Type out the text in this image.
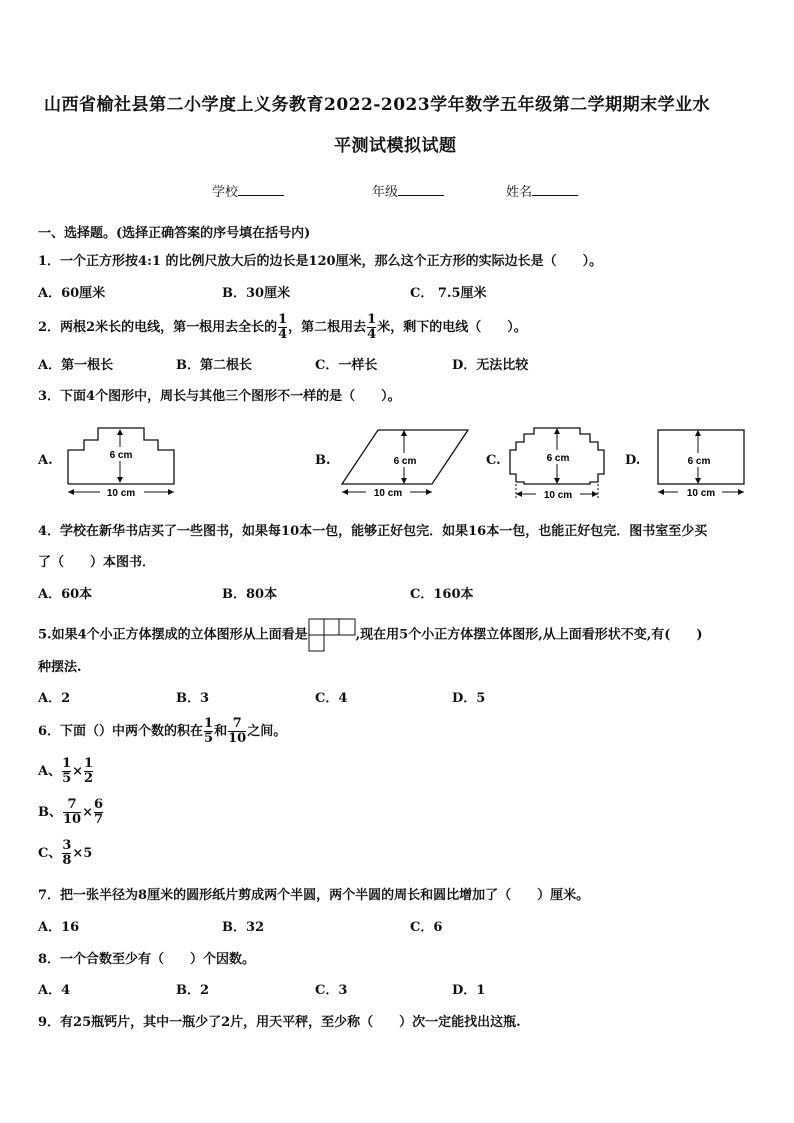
山西省榆社县第二小学度上义务教育2022-2023学年数学五年级第二学期期末学业水
平测试模拟试题
学校	年级	姓名
一、选择题。(选择正确答案的序号填在括号内)
1．一个正方形按4:1 的比例尺放大后的边长是120厘米，那么这个正方形的实际边长是（　　）。
A．60厘米	B．30厘米	C． 7.5厘米
2．两根2米长的电线，第一根用去全长的 $\frac{1}{4}$ ，第二根用去 $\frac{1}{4}$ 米，剩下的电线（　　）。
A．第一根长	B．第二根长	C．一样长	D．无法比较
3．下面4个图形中，周长与其他三个图形不一样的是（　　）。
A.	6 cm
10 cm
B.	6 cm
10 cm
C.	6 cm
10 cm
D.	6 cm
10 cm
4．学校在新华书店买了一些图书，如果每10本一包，能够正好包完．如果16本一包，也能正好包完．图书室至少买
了（　　）本图书．
A．60本	B．80本	C．160本
5.如果4个小正方体摆成的立体图形从上面看是	,现在用5个小正方体摆立体图形,从上面看形状不变,有(　　)
种摆法.
A．2	B．3	C．4	D．5
6．下面（）中两个数的积在 $\frac{1}{5}$ 和 $\frac{7}{10}$ 之间。
A、 $\frac{1}{5} \times \frac{1}{2}$
B、 $\frac{7}{10} \times \frac{6}{7}$
C、 $\frac{3}{8} \times 5$
7．把一张半径为8厘米的圆形纸片剪成两个半圆，两个半圆的周长和圆比增加了（　　）厘米。
A．16	B．32	C．6
8．一个合数至少有（　　）个因数。
A．4	B．2	C．3	D．1
9．有25瓶钙片，其中一瓶少了2片，用天平秤，至少称（　　）次一定能找出这瓶.
